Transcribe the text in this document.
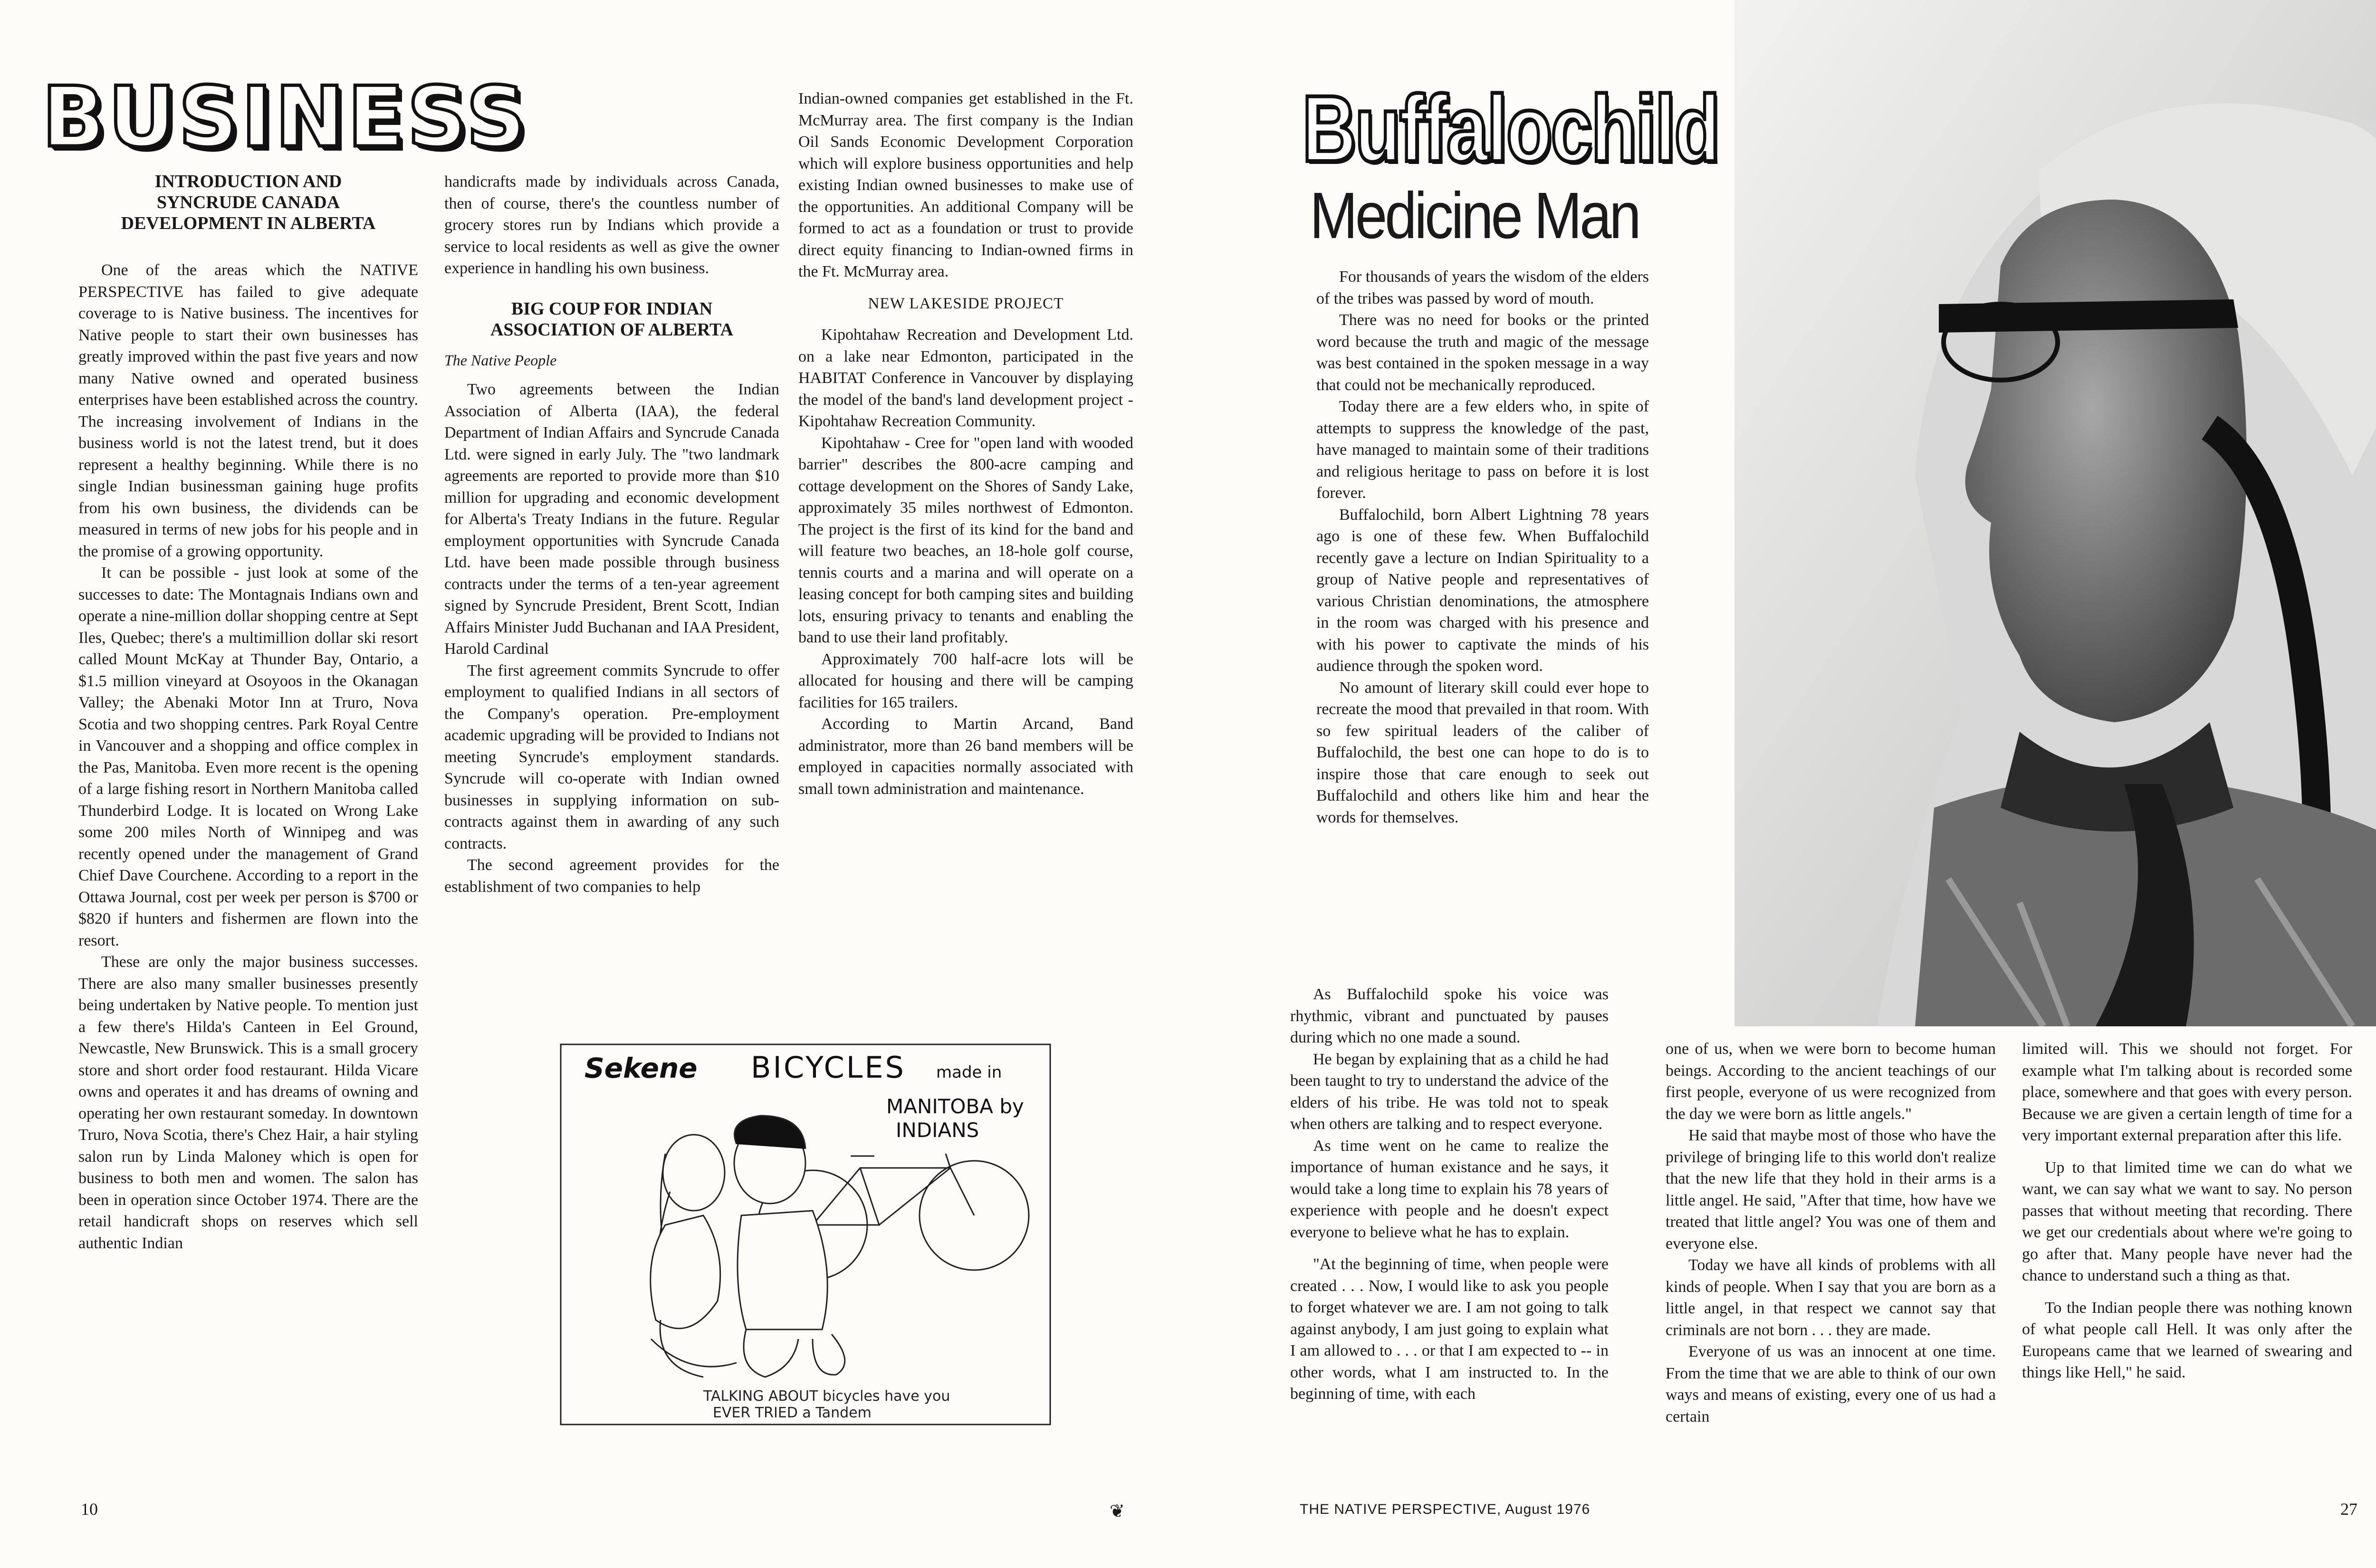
BUSINESS
INTRODUCTION AND
SYNCRUDE CANADA
DEVELOPMENT IN ALBERTA

One of the areas which the NATIVE PERSPECTIVE has failed to give adequate coverage to is Native business. The incentives for Native people to start their own businesses has greatly improved within the past five years and now many Native owned and operated business enterprises have been established across the country. The increasing involvement of Indians in the business world is not the latest trend, but it does represent a healthy beginning. While there is no single Indian businessman gaining huge profits from his own business, the dividends can be measured in terms of new jobs for his people and in the promise of a growing opportunity.

It can be possible - just look at some of the successes to date: The Montagnais Indians own and operate a nine-million dollar shopping centre at Sept Iles, Quebec; there's a multimillion dollar ski resort called Mount McKay at Thunder Bay, Ontario, a $1.5 million vineyard at Osoyoos in the Okanagan Valley; the Abenaki Motor Inn at Truro, Nova Scotia and two shopping centres. Park Royal Centre in Vancouver and a shopping and office complex in the Pas, Manitoba. Even more recent is the opening of a large fishing resort in Northern Manitoba called Thunderbird Lodge. It is located on Wrong Lake some 200 miles North of Winnipeg and was recently opened under the management of Grand Chief Dave Courchene. According to a report in the Ottawa Journal, cost per week per person is $700 or $820 if hunters and fishermen are flown into the resort.

These are only the major business successes. There are also many smaller businesses presently being undertaken by Native people. To mention just a few there's Hilda's Canteen in Eel Ground, Newcastle, New Brunswick. This is a small grocery store and short order food restaurant. Hilda Vicare owns and operates it and has dreams of owning and operating her own restaurant someday. In downtown Truro, Nova Scotia, there's Chez Hair, a hair styling salon run by Linda Maloney which is open for business to both men and women. The salon has been in operation since October 1974. There are the retail handicraft shops on reserves which sell authentic Indian

handicrafts made by individuals across Canada, then of course, there's the countless number of grocery stores run by Indians which provide a service to local residents as well as give the owner experience in handling his own business.

BIG COUP FOR INDIAN
ASSOCIATION OF ALBERTA

The Native People

Two agreements between the Indian Association of Alberta (IAA), the federal Department of Indian Affairs and Syncrude Canada Ltd. were signed in early July. The "two landmark agreements are reported to provide more than $10 million for upgrading and economic development for Alberta's Treaty Indians in the future. Regular employment opportunities with Syncrude Canada Ltd. have been made possible through business contracts under the terms of a ten-year agreement signed by Syncrude President, Brent Scott, Indian Affairs Minister Judd Buchanan and IAA President, Harold Cardinal

The first agreement commits Syncrude to offer employment to qualified Indians in all sectors of the Company's operation. Pre-employment academic upgrading will be provided to Indians not meeting Syncrude's employment standards. Syncrude will co-operate with Indian owned businesses in supplying information on sub-contracts against them in awarding of any such contracts.

The second agreement provides for the establishment of two companies to help

Indian-owned companies get established in the Ft. McMurray area. The first company is the Indian Oil Sands Economic Development Corporation which will explore business opportunities and help existing Indian owned businesses to make use of the opportunities. An additional Company will be formed to act as a foundation or trust to provide direct equity financing to Indian-owned firms in the Ft. McMurray area.

NEW LAKESIDE PROJECT

Kipohtahaw Recreation and Development Ltd. on a lake near Edmonton, participated in the HABITAT Conference in Vancouver by displaying the model of the band's land development project - Kipohtahaw Recreation Community.

Kipohtahaw - Cree for "open land with wooded barrier" describes the 800-acre camping and cottage development on the Shores of Sandy Lake, approximately 35 miles northwest of Edmonton. The project is the first of its kind for the band and will feature two beaches, an 18-hole golf course, tennis courts and a marina and will operate on a leasing concept for both camping sites and building lots, ensuring privacy to tenants and enabling the band to use their land profitably.

Approximately 700 half-acre lots will be allocated for housing and there will be camping facilities for 165 trailers.

According to Martin Arcand, Band administrator, more than 26 band members will be employed in capacities normally associated with small town administration and maintenance.

Sekene BICYCLES made in
MANITOBA by
INDIANS
TALKING ABOUT bicycles have you
EVER TRIED a Tandem
10	❦
Buffalochild
Medicine Man

For thousands of years the wisdom of the elders of the tribes was passed by word of mouth.

There was no need for books or the printed word because the truth and magic of the message was best contained in the spoken message in a way that could not be mechanically reproduced.

Today there are a few elders who, in spite of attempts to suppress the knowledge of the past, have managed to maintain some of their traditions and religious heritage to pass on before it is lost forever.

Buffalochild, born Albert Lightning 78 years ago is one of these few. When Buffalochild recently gave a lecture on Indian Spirituality to a group of Native people and representatives of various Christian denominations, the atmosphere in the room was charged with his presence and with his power to captivate the minds of his audience through the spoken word.

No amount of literary skill could ever hope to recreate the mood that prevailed in that room. With so few spiritual leaders of the caliber of Buffalochild, the best one can hope to do is to inspire those that care enough to seek out Buffalochild and others like him and hear the words for themselves.

As Buffalochild spoke his voice was rhythmic, vibrant and punctuated by pauses during which no one made a sound.

He began by explaining that as a child he had been taught to try to understand the advice of the elders of his tribe. He was told not to speak when others are talking and to respect everyone.

As time went on he came to realize the importance of human existance and he says, it would take a long time to explain his 78 years of experience with people and he doesn't expect everyone to believe what he has to explain.

"At the beginning of time, when people were created . . . Now, I would like to ask you people to forget whatever we are. I am not going to talk against anybody, I am just going to explain what I am allowed to . . . or that I am expected to -- in other words, what I am instructed to. In the beginning of time, with each

one of us, when we were born to become human beings. According to the ancient teachings of our first people, everyone of us were recognized from the day we were born as little angels."

He said that maybe most of those who have the privilege of bringing life to this world don't realize that the new life that they hold in their arms is a little angel. He said, "After that time, how have we treated that little angel? You was one of them and everyone else.

Today we have all kinds of problems with all kinds of people. When I say that you are born as a little angel, in that respect we cannot say that criminals are not born . . . they are made.

Everyone of us was an innocent at one time. From the time that we are able to think of our own ways and means of existing, every one of us had a certain

limited will. This we should not forget. For example what I'm talking about is recorded some place, somewhere and that goes with every person. Because we are given a certain length of time for a very important external preparation after this life.

Up to that limited time we can do what we want, we can say what we want to say. No person passes that without meeting that recording. There we get our credentials about where we're going to go after that. Many people have never had the chance to understand such a thing as that.

To the Indian people there was nothing known of what people call Hell. It was only after the Europeans came that we learned of swearing and things like Hell," he said.

THE NATIVE PERSPECTIVE, August 1976	27
